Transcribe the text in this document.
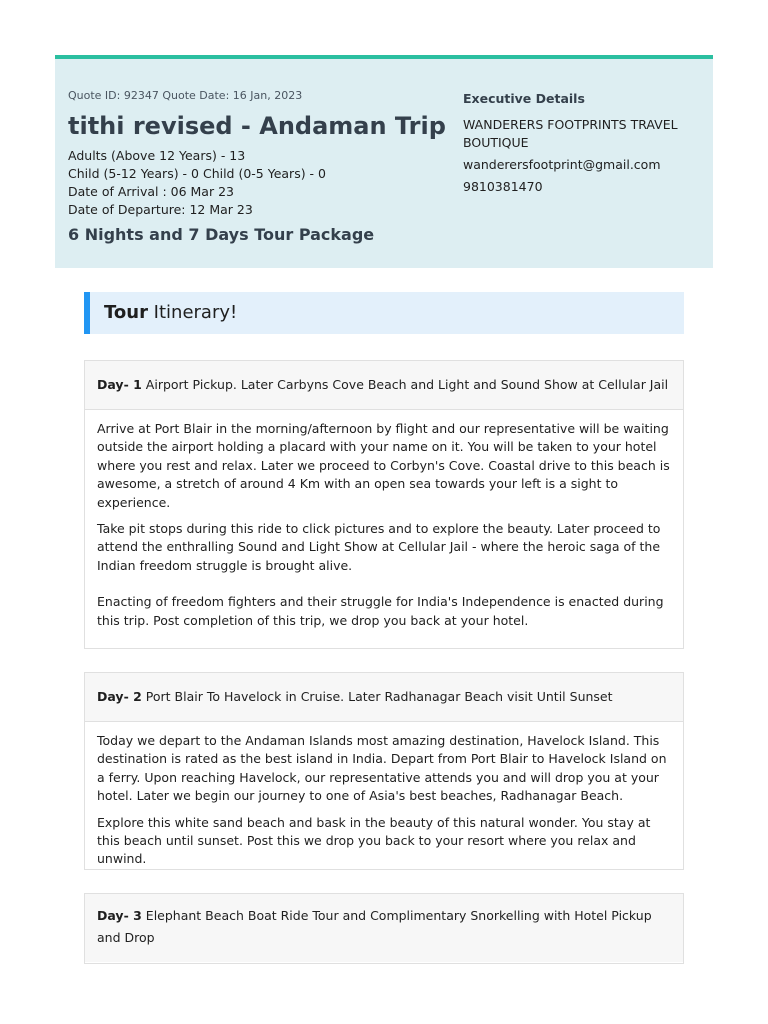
Quote ID: 92347 Quote Date: 16 Jan, 2023
tithi revised - Andaman Trip
Adults (Above 12 Years) - 13
Child (5-12 Years) - 0 Child (0-5 Years) - 0
Date of Arrival : 06 Mar 23
Date of Departure: 12 Mar 23
6 Nights and 7 Days Tour Package
Executive Details
WANDERERS FOOTPRINTS TRAVEL BOUTIQUE
wanderersfootprint@gmail.com
9810381470
Tour Itinerary!
Day- 1 Airport Pickup. Later Carbyns Cove Beach and Light and Sound Show at Cellular Jail

Arrive at Port Blair in the morning/afternoon by flight and our representative will be waiting outside the airport holding a placard with your name on it. You will be taken to your hotel where you rest and relax. Later we proceed to Corbyn's Cove. Coastal drive to this beach is awesome, a stretch of around 4 Km with an open sea towards your left is a sight to experience.

Take pit stops during this ride to click pictures and to explore the beauty. Later proceed to attend the enthralling Sound and Light Show at Cellular Jail - where the heroic saga of the Indian freedom struggle is brought alive.

Enacting of freedom fighters and their struggle for India's Independence is enacted during this trip. Post completion of this trip, we drop you back at your hotel.

Day- 2 Port Blair To Havelock in Cruise. Later Radhanagar Beach visit Until Sunset

Today we depart to the Andaman Islands most amazing destination, Havelock Island. This destination is rated as the best island in India. Depart from Port Blair to Havelock Island on a ferry. Upon reaching Havelock, our representative attends you and will drop you at your hotel. Later we begin our journey to one of Asia's best beaches, Radhanagar Beach.

Explore this white sand beach and bask in the beauty of this natural wonder. You stay at this beach until sunset. Post this we drop you back to your resort where you relax and unwind.

Day- 3 Elephant Beach Boat Ride Tour and Complimentary Snorkelling with Hotel Pickup and Drop
